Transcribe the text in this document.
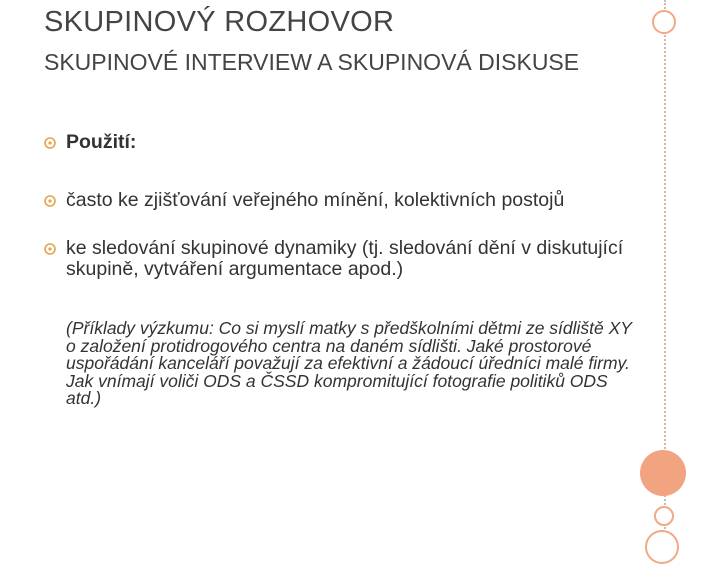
SKUPINOVÝ ROZHOVOR
SKUPINOVÉ INTERVIEW A SKUPINOVÁ DISKUSE
Použití:
často ke zjišťování veřejného mínění, kolektivních postojů
ke sledování skupinové dynamiky (tj. sledování dění v diskutující skupině, vytváření argumentace apod.)
(Příklady výzkumu: Co si myslí matky s předškolními dětmi ze sídliště XY o založení protidrogového centra na daném sídlišti. Jaké prostorové uspořádání kanceláří považují za efektivní a žádoucí úředníci malé firmy. Jak vnímají voliči ODS a ČSSD kompromitující fotografie politiků ODS atd.)
